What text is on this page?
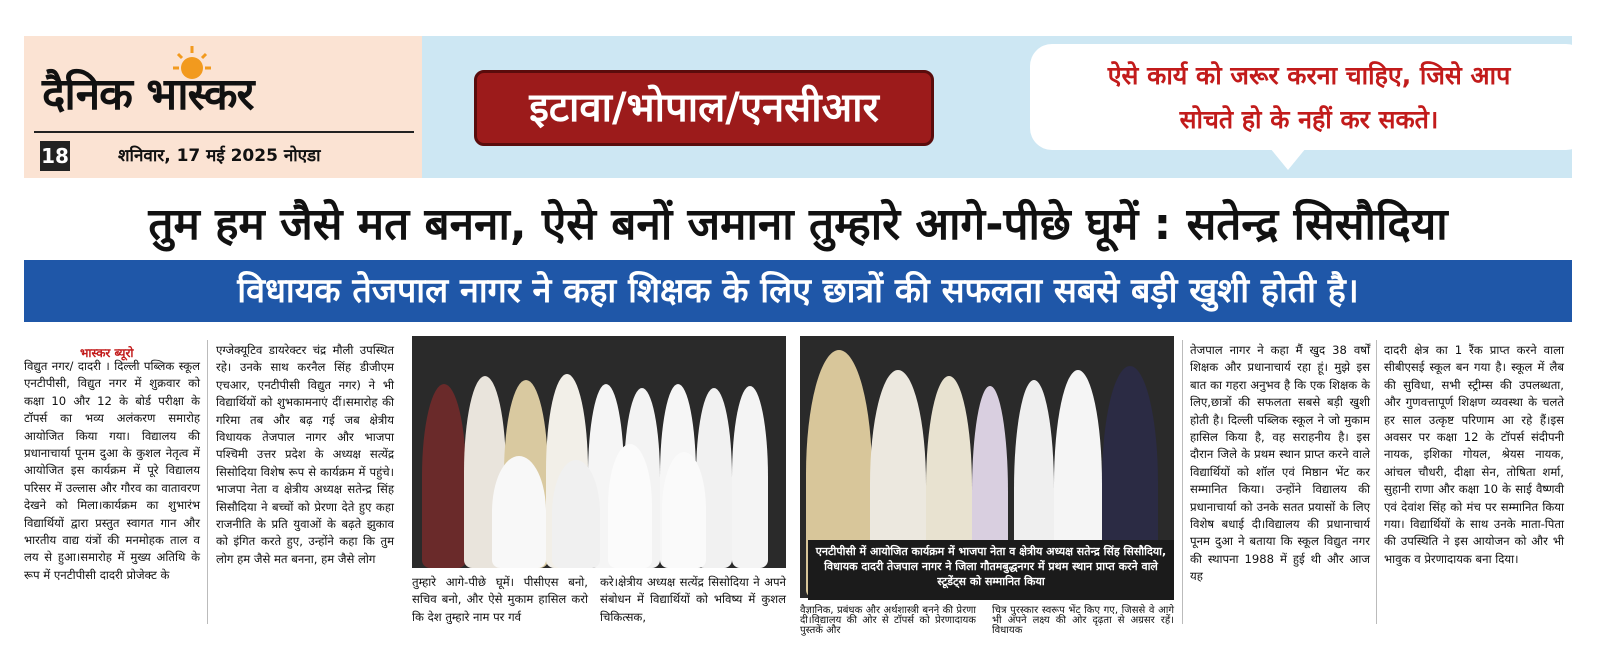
दैनिक भास्कर
18	शनिवार, 17 मई 2025 नोएडा
इटावा/भोपाल/एनसीआर
ऐसे कार्य को जरूर करना चाहिए, जिसे आप
सोचते हो के नहीं कर सकते।
तुम हम जैसे मत बनना, ऐसे बनों जमाना तुम्हारे आगे-पीछे घूमें : सतेन्द्र सिसौदिया
विधायक तेजपाल नागर ने कहा शिक्षक के लिए छात्रों की सफलता सबसे बड़ी खुशी होती है।
भास्कर ब्यूरो
विद्युत नगर/ दादरी । दिल्ली पब्लिक स्कूल एनटीपीसी, विद्युत नगर में शुक्रवार को कक्षा 10 और 12 के बोर्ड परीक्षा के टॉपर्स का भव्य अलंकरण समारोह आयोजित किया गया। विद्यालय की प्रधानाचार्या पूनम दुआ के कुशल नेतृत्व में आयोजित इस कार्यक्रम में पूरे विद्यालय परिसर में उल्लास और गौरव का वातावरण देखने को मिला।कार्यक्रम का शुभारंभ विद्यार्थियों द्वारा प्रस्तुत स्वागत गान और भारतीय वाद्य यंत्रों की मनमोहक ताल व लय से हुआ।समारोह में मुख्य अतिथि के रूप में एनटीपीसी दादरी प्रोजेक्ट के
एग्जेक्यूटिव डायरेक्टर चंद्र मौली उपस्थित रहे। उनके साथ करनैल सिंह डीजीएम एचआर, एनटीपीसी विद्युत नगर) ने भी विद्यार्थियों को शुभकामनाएं दीं।समारोह की गरिमा तब और बढ़ गई जब क्षेत्रीय विधायक तेजपाल नागर और भाजपा पश्चिमी उत्तर प्रदेश के अध्यक्ष सत्येंद्र सिसोदिया विशेष रूप से कार्यक्रम में पहुंचे। भाजपा नेता व क्षेत्रीय अध्यक्ष सतेन्द्र सिंह सिसौदिया ने बच्चों को प्रेरणा देते हुए कहा राजनीति के प्रति युवाओं के बढ़ते झुकाव को इंगित करते हुए, उन्होंने कहा कि तुम लोग हम जैसे मत बनना, हम जैसे लोग
तुम्हारे आगे-पीछे घूमें। पीसीएस बनो, सचिव बनो, और ऐसे मुकाम हासिल करो कि देश तुम्हारे नाम पर गर्व
करे।क्षेत्रीय अध्यक्ष सत्येंद्र सिसोदिया ने अपने संबोधन में विद्यार्थियों को भविष्य में कुशल चिकित्सक,	वैज्ञानिक, प्रबंधक और अर्थशास्त्री बनने की प्रेरणा दी।विद्यालय की ओर से टॉपर्स को प्रेरणादायक पुस्तकें और
चित्र पुरस्कार स्वरूप भेंट किए गए, जिससे वे आगे भी अपने लक्ष्य की ओर दृढ़ता से अग्रसर रहें।विधायक
तेजपाल नागर ने कहा मैं खुद 38 वर्षों शिक्षक और प्रधानाचार्य रहा हूं। मुझे इस बात का गहरा अनुभव है कि एक शिक्षक के लिए,छात्रों की सफलता सबसे बड़ी खुशी होती है। दिल्ली पब्लिक स्कूल ने जो मुकाम हासिल किया है, वह सराहनीय है। इस दौरान जिले के प्रथम स्थान प्राप्त करने वाले विद्यार्थियों को शॉल एवं मिष्ठान भेंट कर सम्मानित किया। उन्होंने विद्यालय की प्रधानाचार्या को उनके सतत प्रयासों के लिए विशेष बधाई दी।विद्यालय की प्रधानाचार्य पूनम दुआ ने बताया कि स्कूल विद्युत नगर की स्थापना 1988 में हुई थी और आज यह
दादरी क्षेत्र का 1 रैंक प्राप्त करने वाला सीबीएसई स्कूल बन गया है। स्कूल में लैब की सुविधा, सभी स्ट्रीम्स की उपलब्धता, और गुणवत्तापूर्ण शिक्षण व्यवस्था के चलते हर साल उत्कृष्ट परिणाम आ रहे हैं।इस अवसर पर कक्षा 12 के टॉपर्स संदीपनी नायक, इशिका गोयल, श्रेयस नायक, आंचल चौधरी, दीक्षा सेन, तोषिता शर्मा, सुहानी राणा और कक्षा 10 के साई वैष्णवी एवं देवांश सिंह को मंच पर सम्मानित किया गया। विद्यार्थियों के साथ उनके माता-पिता की उपस्थिति ने इस आयोजन को और भी भावुक व प्रेरणादायक बना दिया।
एनटीपीसी में आयोजित कार्यक्रम में भाजपा नेता व क्षेत्रीय अध्यक्ष सतेन्द्र सिंह सिसौदिया, विधायक दादरी तेजपाल नागर ने जिला गौतमबुद्धनगर में प्रथम स्थान प्राप्त करने वाले स्टूडेंट्स को सम्मानित किया
